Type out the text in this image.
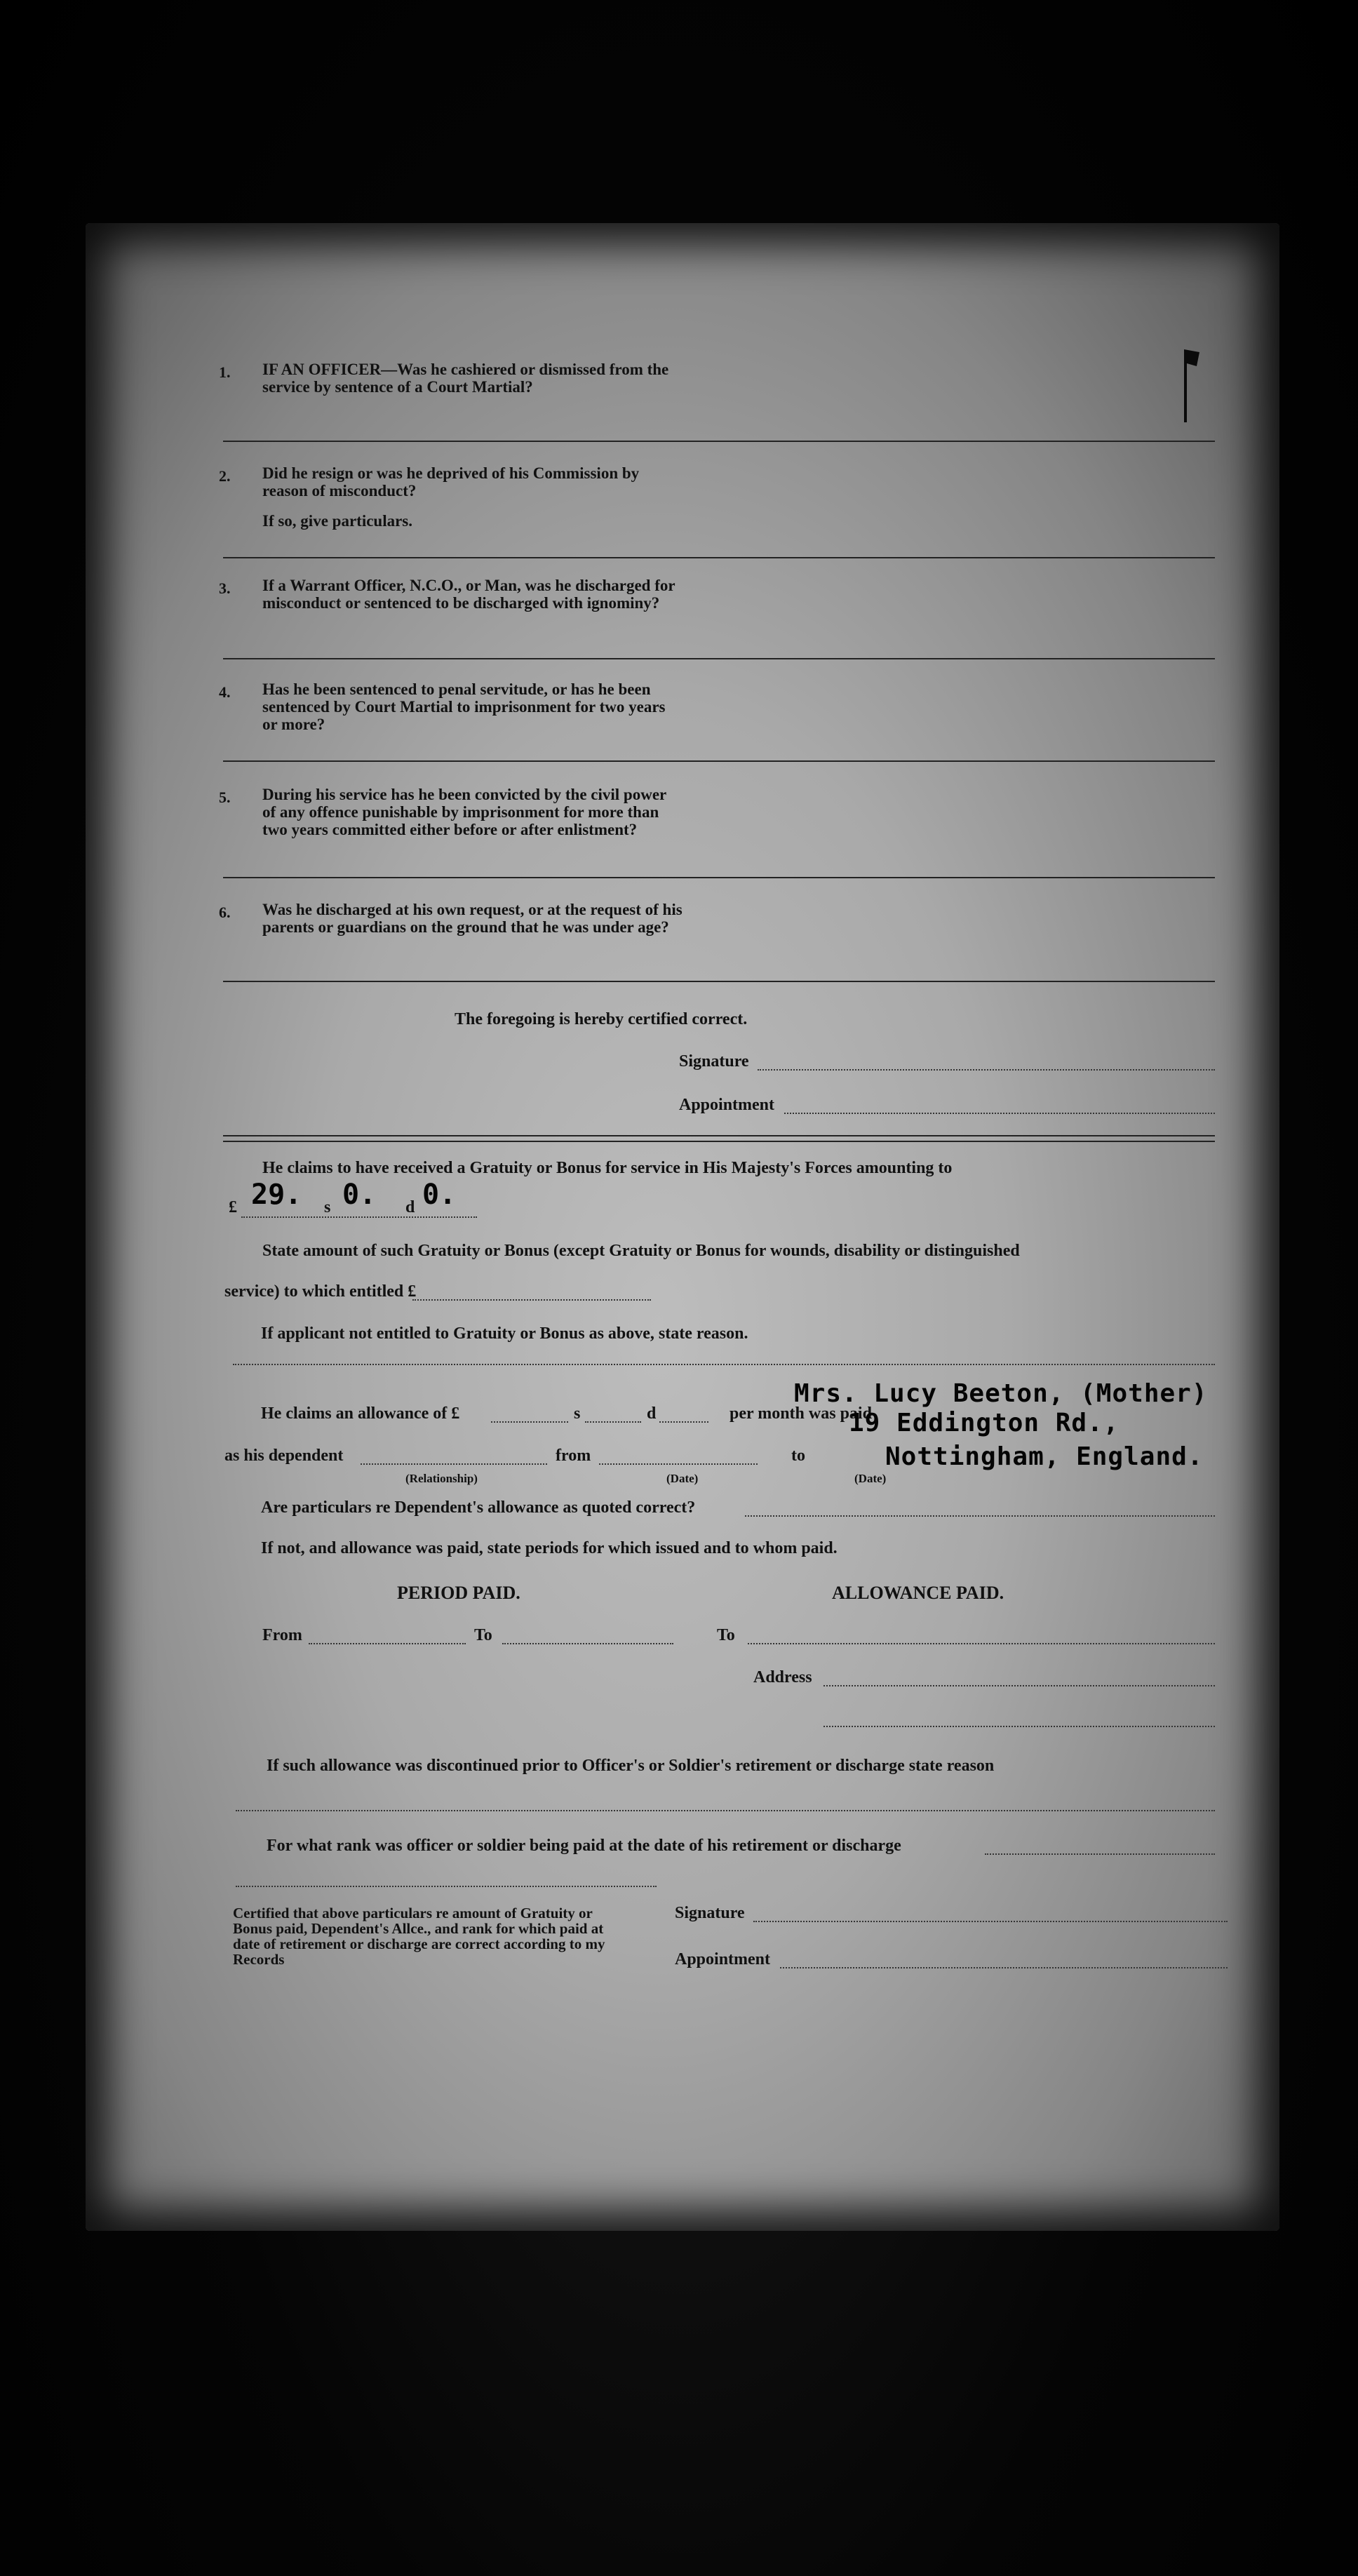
1. IF AN OFFICER—Was he cashiered or dismissed from the service by sentence of a Court Martial?
2. Did he resign or was he deprived of his Commission by reason of misconduct?
If so, give particulars.
3. If a Warrant Officer, N.C.O., or Man, was he discharged for misconduct or sentenced to be discharged with ignominy?
4. Has he been sentenced to penal servitude, or has he been sentenced by Court Martial to imprisonment for two years or more?
5. During his service has he been convicted by the civil power of any offence punishable by imprisonment for more than two years committed either before or after enlistment?
6. Was he discharged at his own request, or at the request of his parents or guardians on the ground that he was under age?
The foregoing is hereby certified correct.
Signature
Appointment
He claims to have received a Gratuity or Bonus for service in His Majesty's Forces amounting to
£ 29. s 0. d 0.
State amount of such Gratuity or Bonus (except Gratuity or Bonus for wounds, disability or distinguished
service) to which entitled £
If applicant not entitled to Gratuity or Bonus as above, state reason.
He claims an allowance of £	s	d	per month was paid
Mrs. Lucy Beeton, (Mother)
19 Eddington Rd.,
Nottingham, England.
as his dependent	from	to
(Relationship)	(Date)	(Date)
Are particulars re Dependent's allowance as quoted correct?
If not, and allowance was paid, state periods for which issued and to whom paid.
PERIOD PAID.	ALLOWANCE PAID.
From	To	To
Address
If such allowance was discontinued prior to Officer's or Soldier's retirement or discharge state reason
For what rank was officer or soldier being paid at the date of his retirement or discharge
Certified that above particulars re amount of Gratuity or Bonus paid, Dependent's Allce., and rank for which paid at date of retirement or discharge are correct according to my Records
Signature
Appointment
